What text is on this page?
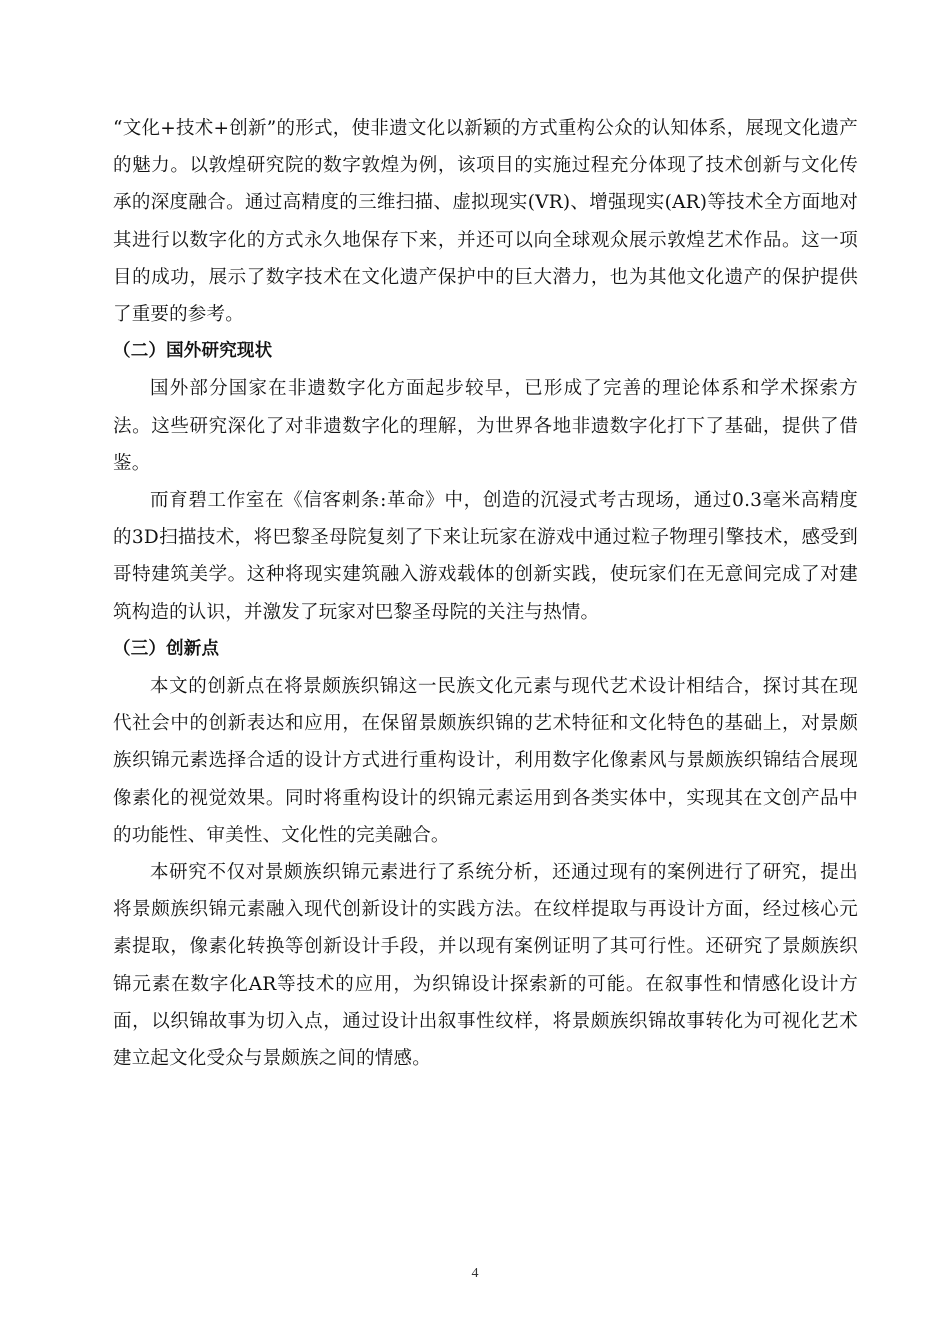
“文化+技术+创新”的形式，使非遗文化以新颖的方式重构公众的认知体系，展现文化遗产的魅力。以敦煌研究院的数字敦煌为例，该项目的实施过程充分体现了技术创新与文化传承的深度融合。通过高精度的三维扫描、虚拟现实(VR)、增强现实(AR)等技术全方面地对其进行以数字化的方式永久地保存下来，并还可以向全球观众展示敦煌艺术作品。这一项目的成功，展示了数字技术在文化遗产保护中的巨大潜力，也为其他文化遗产的保护提供了重要的参考。

（二）国外研究现状

国外部分国家在非遗数字化方面起步较早，已形成了完善的理论体系和学术探索方法。这些研究深化了对非遗数字化的理解，为世界各地非遗数字化打下了基础，提供了借鉴。

而育碧工作室在《信客刺条:革命》中，创造的沉浸式考古现场，通过0.3毫米高精度的3D扫描技术，将巴黎圣母院复刻了下来让玩家在游戏中通过粒子物理引擎技术，感受到哥特建筑美学。这种将现实建筑融入游戏载体的创新实践，使玩家们在无意间完成了对建筑构造的认识，并激发了玩家对巴黎圣母院的关注与热情。

（三）创新点

本文的创新点在将景颇族织锦这一民族文化元素与现代艺术设计相结合，探讨其在现代社会中的创新表达和应用，在保留景颇族织锦的艺术特征和文化特色的基础上，对景颇族织锦元素选择合适的设计方式进行重构设计，利用数字化像素风与景颇族织锦结合展现像素化的视觉效果。同时将重构设计的织锦元素运用到各类实体中，实现其在文创产品中的功能性、审美性、文化性的完美融合。

本研究不仅对景颇族织锦元素进行了系统分析，还通过现有的案例进行了研究，提出将景颇族织锦元素融入现代创新设计的实践方法。在纹样提取与再设计方面，经过核心元素提取，像素化转换等创新设计手段，并以现有案例证明了其可行性。还研究了景颇族织锦元素在数字化AR等技术的应用，为织锦设计探索新的可能。在叙事性和情感化设计方面，以织锦故事为切入点，通过设计出叙事性纹样，将景颇族织锦故事转化为可视化艺术建立起文化受众与景颇族之间的情感。

4
